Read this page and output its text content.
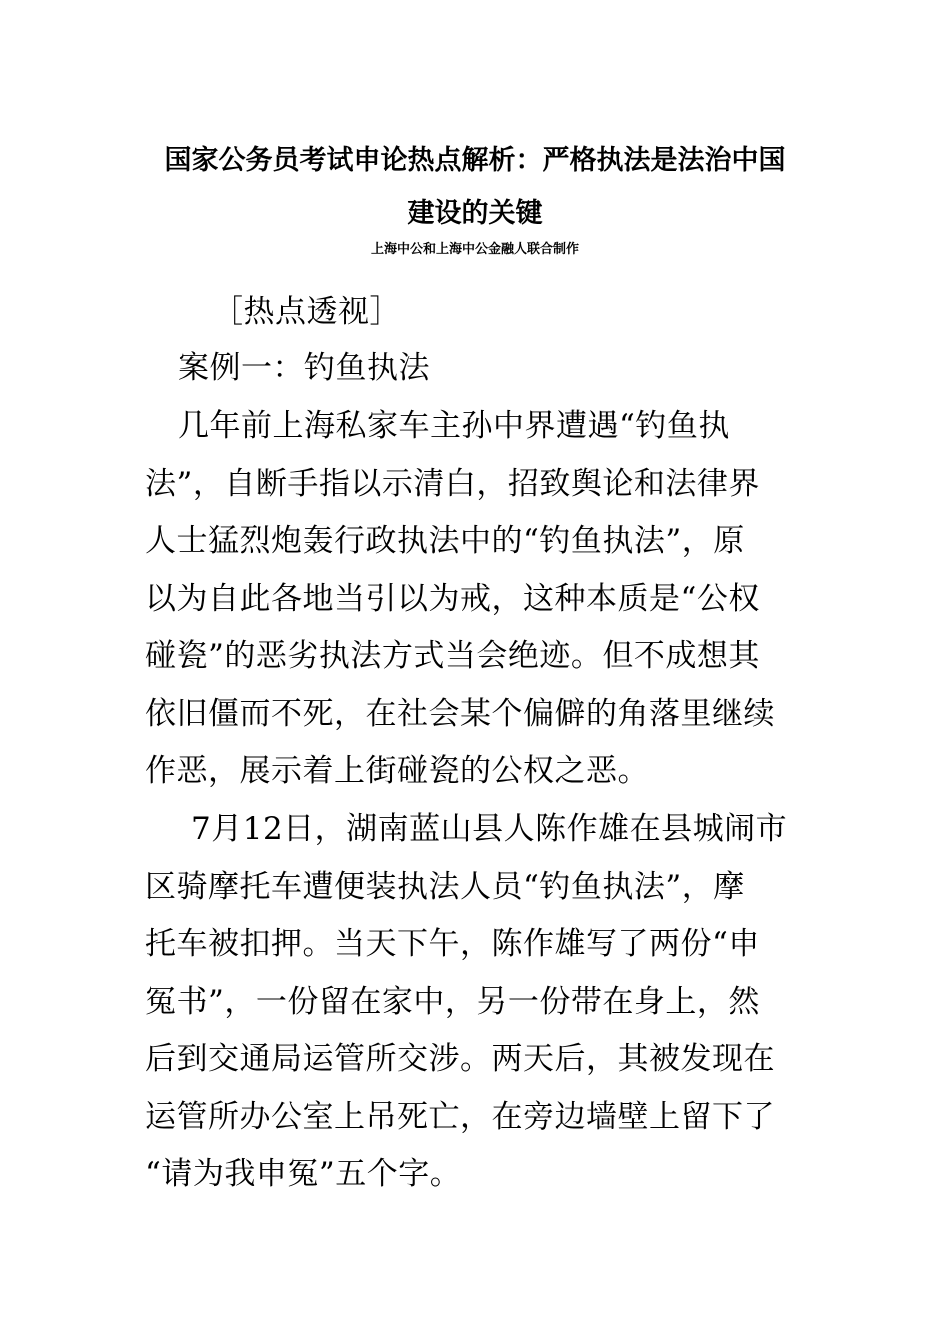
国家公务员考试申论热点解析：严格执法是法治中国
建设的关键
上海中公和上海中公金融人联合制作
［热点透视］
案例一：钓鱼执法
几年前上海私家车主孙中界遭遇“钓鱼执
法”，自断手指以示清白，招致舆论和法律界
人士猛烈炮轰行政执法中的“钓鱼执法”，原
以为自此各地当引以为戒，这种本质是“公权
碰瓷”的恶劣执法方式当会绝迹。但不成想其
依旧僵而不死，在社会某个偏僻的角落里继续
作恶，展示着上街碰瓷的公权之恶。
7月12日，湖南蓝山县人陈作雄在县城闹市
区骑摩托车遭便装执法人员“钓鱼执法”，摩
托车被扣押。当天下午，陈作雄写了两份“申
冤书”，一份留在家中，另一份带在身上，然
后到交通局运管所交涉。两天后，其被发现在
运管所办公室上吊死亡，在旁边墙壁上留下了
“请为我申冤”五个字。
